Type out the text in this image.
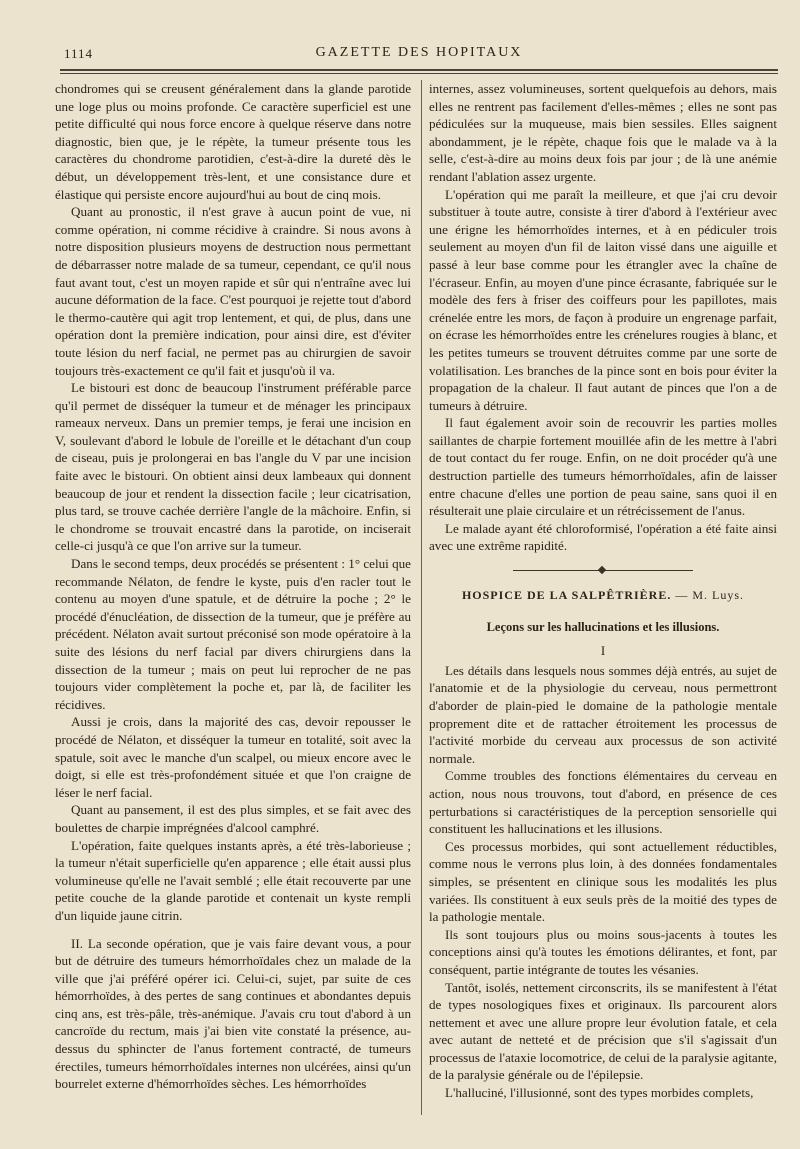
1114	GAZETTE DES HOPITAUX

chondromes qui se creusent généralement dans la glande parotide une loge plus ou moins profonde. Ce caractère superficiel est une petite difficulté qui nous force encore à quelque réserve dans notre diagnostic, bien que, je le répète, la tumeur présente tous les caractères du chondrome parotidien, c'est-à-dire la dureté dès le début, un développement très-lent, et une consistance dure et élastique qui persiste encore aujourd'hui au bout de cinq mois.

Quant au pronostic, il n'est grave à aucun point de vue, ni comme opération, ni comme récidive à craindre. Si nous avons à notre disposition plusieurs moyens de destruction nous permettant de débarrasser notre malade de sa tumeur, cependant, ce qu'il nous faut avant tout, c'est un moyen rapide et sûr qui n'entraîne avec lui aucune déformation de la face. C'est pourquoi je rejette tout d'abord le thermo-cautère qui agit trop lentement, et qui, de plus, dans une opération dont la première indication, pour ainsi dire, est d'éviter toute lésion du nerf facial, ne permet pas au chirurgien de savoir toujours très-exactement ce qu'il fait et jusqu'où il va.

Le bistouri est donc de beaucoup l'instrument préférable parce qu'il permet de disséquer la tumeur et de ménager les principaux rameaux nerveux. Dans un premier temps, je ferai une incision en V, soulevant d'abord le lobule de l'oreille et le détachant d'un coup de ciseau, puis je prolongerai en bas l'angle du V par une incision faite avec le bistouri. On obtient ainsi deux lambeaux qui donnent beaucoup de jour et rendent la dissection facile ; leur cicatrisation, plus tard, se trouve cachée derrière l'angle de la mâchoire. Enfin, si le chondrome se trouvait encastré dans la parotide, on inciserait celle-ci jusqu'à ce que l'on arrive sur la tumeur.

Dans le second temps, deux procédés se présentent : 1° celui que recommande Nélaton, de fendre le kyste, puis d'en racler tout le contenu au moyen d'une spatule, et de détruire la poche ; 2° le procédé d'énucléation, de dissection de la tumeur, que je préfère au précédent. Nélaton avait surtout préconisé son mode opératoire à la suite des lésions du nerf facial par divers chirurgiens dans la dissection de la tumeur ; mais on peut lui reprocher de ne pas toujours vider complètement la poche et, par là, de faciliter les récidives.

Aussi je crois, dans la majorité des cas, devoir repousser le procédé de Nélaton, et disséquer la tumeur en totalité, soit avec la spatule, soit avec le manche d'un scalpel, ou mieux encore avec le doigt, si elle est très-profondément située et que l'on craigne de léser le nerf facial.

Quant au pansement, il est des plus simples, et se fait avec des boulettes de charpie imprégnées d'alcool camphré.

L'opération, faite quelques instants après, a été très-laborieuse ; la tumeur n'était superficielle qu'en apparence ; elle était aussi plus volumineuse qu'elle ne l'avait semblé ; elle était recouverte par une petite couche de la glande parotide et contenait un kyste rempli d'un liquide jaune citrin.

II. La seconde opération, que je vais faire devant vous, a pour but de détruire des tumeurs hémorrhoïdales chez un malade de la ville que j'ai préféré opérer ici. Celui-ci, sujet, par suite de ces hémorrhoïdes, à des pertes de sang continues et abondantes depuis cinq ans, est très-pâle, très-anémique. J'avais cru tout d'abord à un cancroïde du rectum, mais j'ai bien vite constaté la présence, au-dessus du sphincter de l'anus fortement contracté, de tumeurs érectiles, tumeurs hémorrhoïdales internes non ulcérées, ainsi qu'un bourrelet externe d'hémorrhoïdes sèches. Les hémorrhoïdes

internes, assez volumineuses, sortent quelquefois au dehors, mais elles ne rentrent pas facilement d'elles-mêmes ; elles ne sont pas pédiculées sur la muqueuse, mais bien sessiles. Elles saignent abondamment, je le répète, chaque fois que le malade va à la selle, c'est-à-dire au moins deux fois par jour ; de là une anémie rendant l'ablation assez urgente.

L'opération qui me paraît la meilleure, et que j'ai cru devoir substituer à toute autre, consiste à tirer d'abord à l'extérieur avec une érigne les hémorrhoïdes internes, et à en pédiculer trois seulement au moyen d'un fil de laiton vissé dans une aiguille et passé à leur base comme pour les étrangler avec la chaîne de l'écraseur. Enfin, au moyen d'une pince écrasante, fabriquée sur le modèle des fers à friser des coiffeurs pour les papillotes, mais crénelée entre les mors, de façon à produire un engrenage parfait, on écrase les hémorrhoïdes entre les crénelures rougies à blanc, et les petites tumeurs se trouvent détruites comme par une sorte de volatilisation. Les branches de la pince sont en bois pour éviter la propagation de la chaleur. Il faut autant de pinces que l'on a de tumeurs à détruire.

Il faut également avoir soin de recouvrir les parties molles saillantes de charpie fortement mouillée afin de les mettre à l'abri de tout contact du fer rouge. Enfin, on ne doit procéder qu'à une destruction partielle des tumeurs hémorrhoïdales, afin de laisser entre chacune d'elles une portion de peau saine, sans quoi il en résulterait une plaie circulaire et un rétrécissement de l'anus.

Le malade ayant été chloroformisé, l'opération a été faite ainsi avec une extrême rapidité.

HOSPICE DE LA SALPÊTRIÈRE. — M. Luys.
Leçons sur les hallucinations et les illusions.
I

Les détails dans lesquels nous sommes déjà entrés, au sujet de l'anatomie et de la physiologie du cerveau, nous permettront d'aborder de plain-pied le domaine de la pathologie mentale proprement dite et de rattacher étroitement les processus de l'activité morbide du cerveau aux processus de son activité normale.

Comme troubles des fonctions élémentaires du cerveau en action, nous nous trouvons, tout d'abord, en présence de ces perturbations si caractéristiques de la perception sensorielle qui constituent les hallucinations et les illusions.

Ces processus morbides, qui sont actuellement réductibles, comme nous le verrons plus loin, à des données fondamentales simples, se présentent en clinique sous les modalités les plus variées. Ils constituent à eux seuls près de la moitié des types de la pathologie mentale.

Ils sont toujours plus ou moins sous-jacents à toutes les conceptions ainsi qu'à toutes les émotions délirantes, et font, par conséquent, partie intégrante de toutes les vésanies.

Tantôt, isolés, nettement circonscrits, ils se manifestent à l'état de types nosologiques fixes et originaux. Ils parcourent alors nettement et avec une allure propre leur évolution fatale, et cela avec autant de netteté et de précision que s'il s'agissait d'un processus de l'ataxie locomotrice, de celui de la paralysie agitante, de la paralysie générale ou de l'épilepsie.

L'halluciné, l'illusionné, sont des types morbides complets,
